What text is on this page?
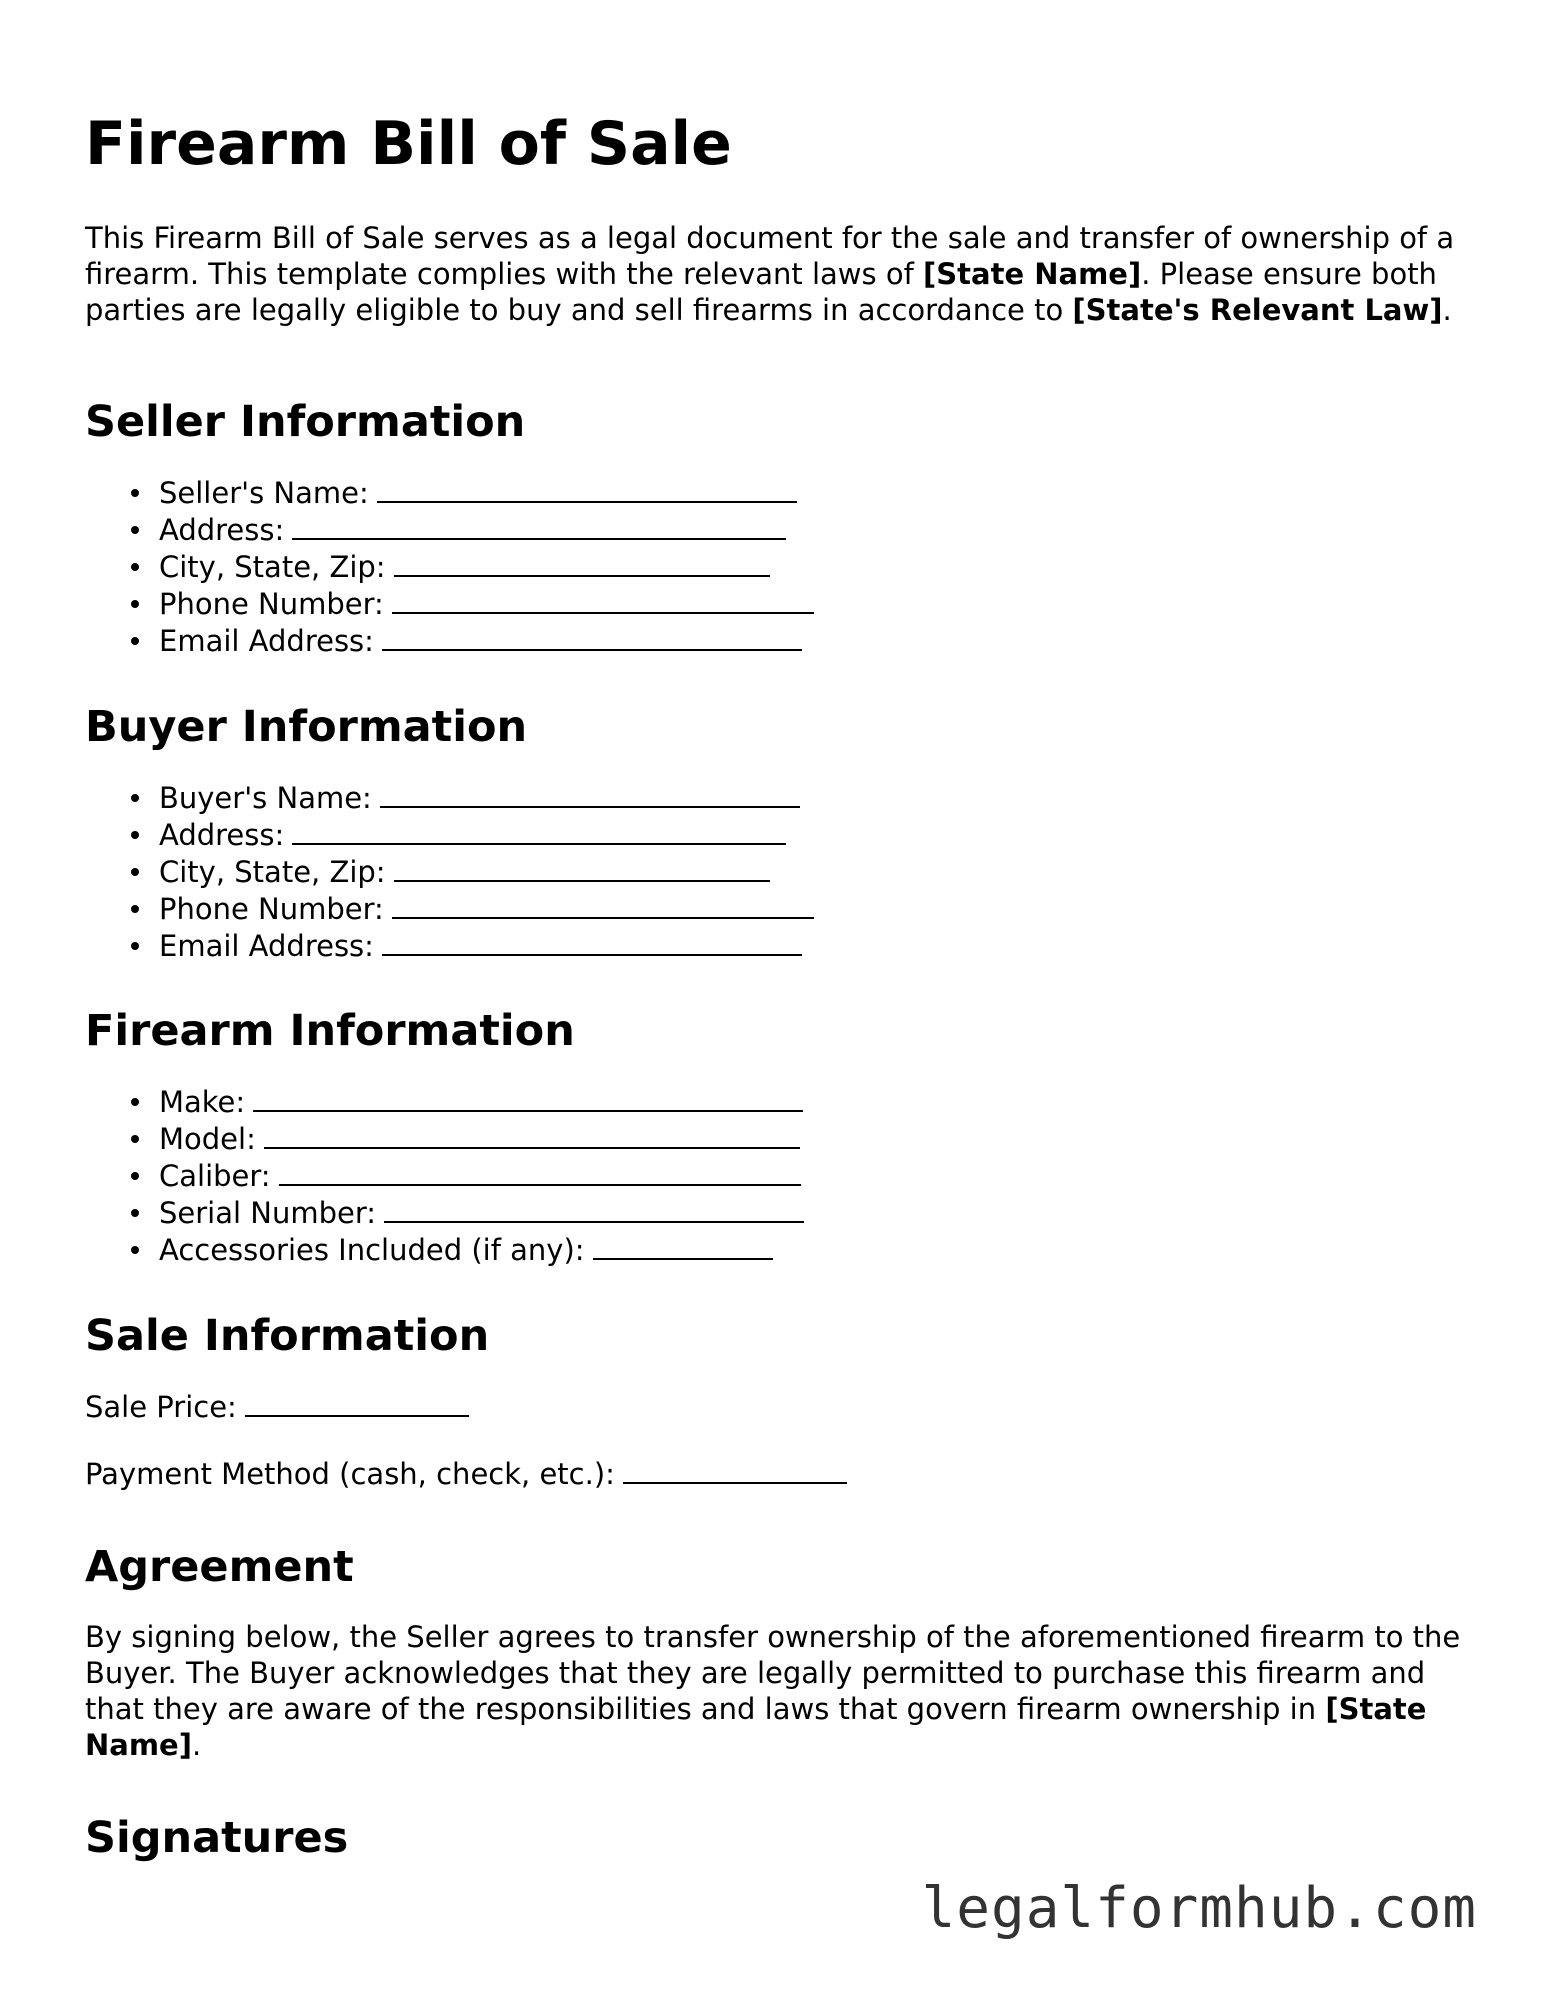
Firearm Bill of Sale

This Firearm Bill of Sale serves as a legal document for the sale and transfer of ownership of a firearm. This template complies with the relevant laws of [State Name]. Please ensure both parties are legally eligible to buy and sell firearms in accordance to [State's Relevant Law].

Seller Information
Seller's Name:
Address:
City, State, Zip:
Phone Number:
Email Address:
Buyer Information
Buyer's Name:
Address:
City, State, Zip:
Phone Number:
Email Address:
Firearm Information
Make:
Model:
Caliber:
Serial Number:
Accessories Included (if any):
Sale Information

Sale Price:

Payment Method (cash, check, etc.):

Agreement

By signing below, the Seller agrees to transfer ownership of the aforementioned firearm to the Buyer. The Buyer acknowledges that they are legally permitted to purchase this firearm and that they are aware of the responsibilities and laws that govern firearm ownership in [State Name].

Signatures
legalformhub.com
